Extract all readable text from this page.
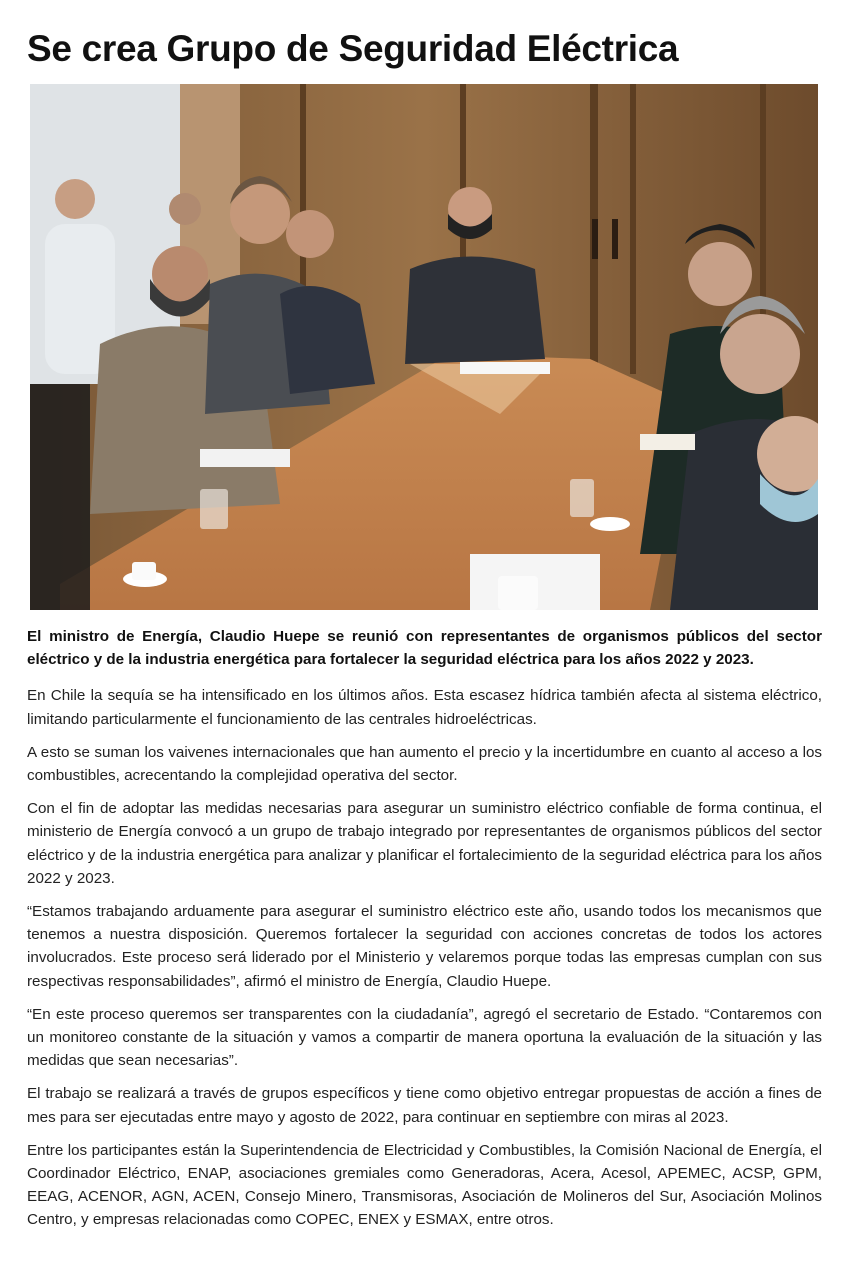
Se crea Grupo de Seguridad Eléctrica

El ministro de Energía, Claudio Huepe se reunió con representantes de organismos públicos del sector eléctrico y de la industria energética para fortalecer la seguridad eléctrica para los años 2022 y 2023.

En Chile la sequía se ha intensificado en los últimos años. Esta escasez hídrica también afecta al sistema eléctrico, limitando particularmente el funcionamiento de las centrales hidroeléctricas.

A esto se suman los vaivenes internacionales que han aumento el precio y la incertidumbre en cuanto al acceso a los combustibles, acrecentando la complejidad operativa del sector.

Con el fin de adoptar las medidas necesarias para asegurar un suministro eléctrico confiable de forma continua, el ministerio de Energía convocó a un grupo de trabajo integrado por representantes de organismos públicos del sector eléctrico y de la industria energética para analizar y planificar el fortalecimiento de la seguridad eléctrica para los años 2022 y 2023.

“Estamos trabajando arduamente para asegurar el suministro eléctrico este año, usando todos los mecanismos que tenemos a nuestra disposición. Queremos fortalecer la seguridad con acciones concretas de todos los actores involucrados. Este proceso será liderado por el Ministerio y velaremos porque todas las empresas cumplan con sus respectivas responsabilidades”, afirmó el ministro de Energía, Claudio Huepe.

“En este proceso queremos ser transparentes con la ciudadanía”, agregó el secretario de Estado. “Contaremos con un monitoreo constante de la situación y vamos a compartir de manera oportuna la evaluación de la situación y las medidas que sean necesarias”.

El trabajo se realizará a través de grupos específicos y tiene como objetivo entregar propuestas de acción a fines de mes para ser ejecutadas entre mayo y agosto de 2022, para continuar en septiembre con miras al 2023.

Entre los participantes están la Superintendencia de Electricidad y Combustibles, la Comisión Nacional de Energía, el Coordinador Eléctrico, ENAP, asociaciones gremiales como Generadoras, Acera, Acesol, APEMEC, ACSP, GPM, EEAG, ACENOR, AGN, ACEN, Consejo Minero, Transmisoras, Asociación de Molineros del Sur, Asociación Molinos Centro, y empresas relacionadas como COPEC, ENEX y ESMAX, entre otros.
